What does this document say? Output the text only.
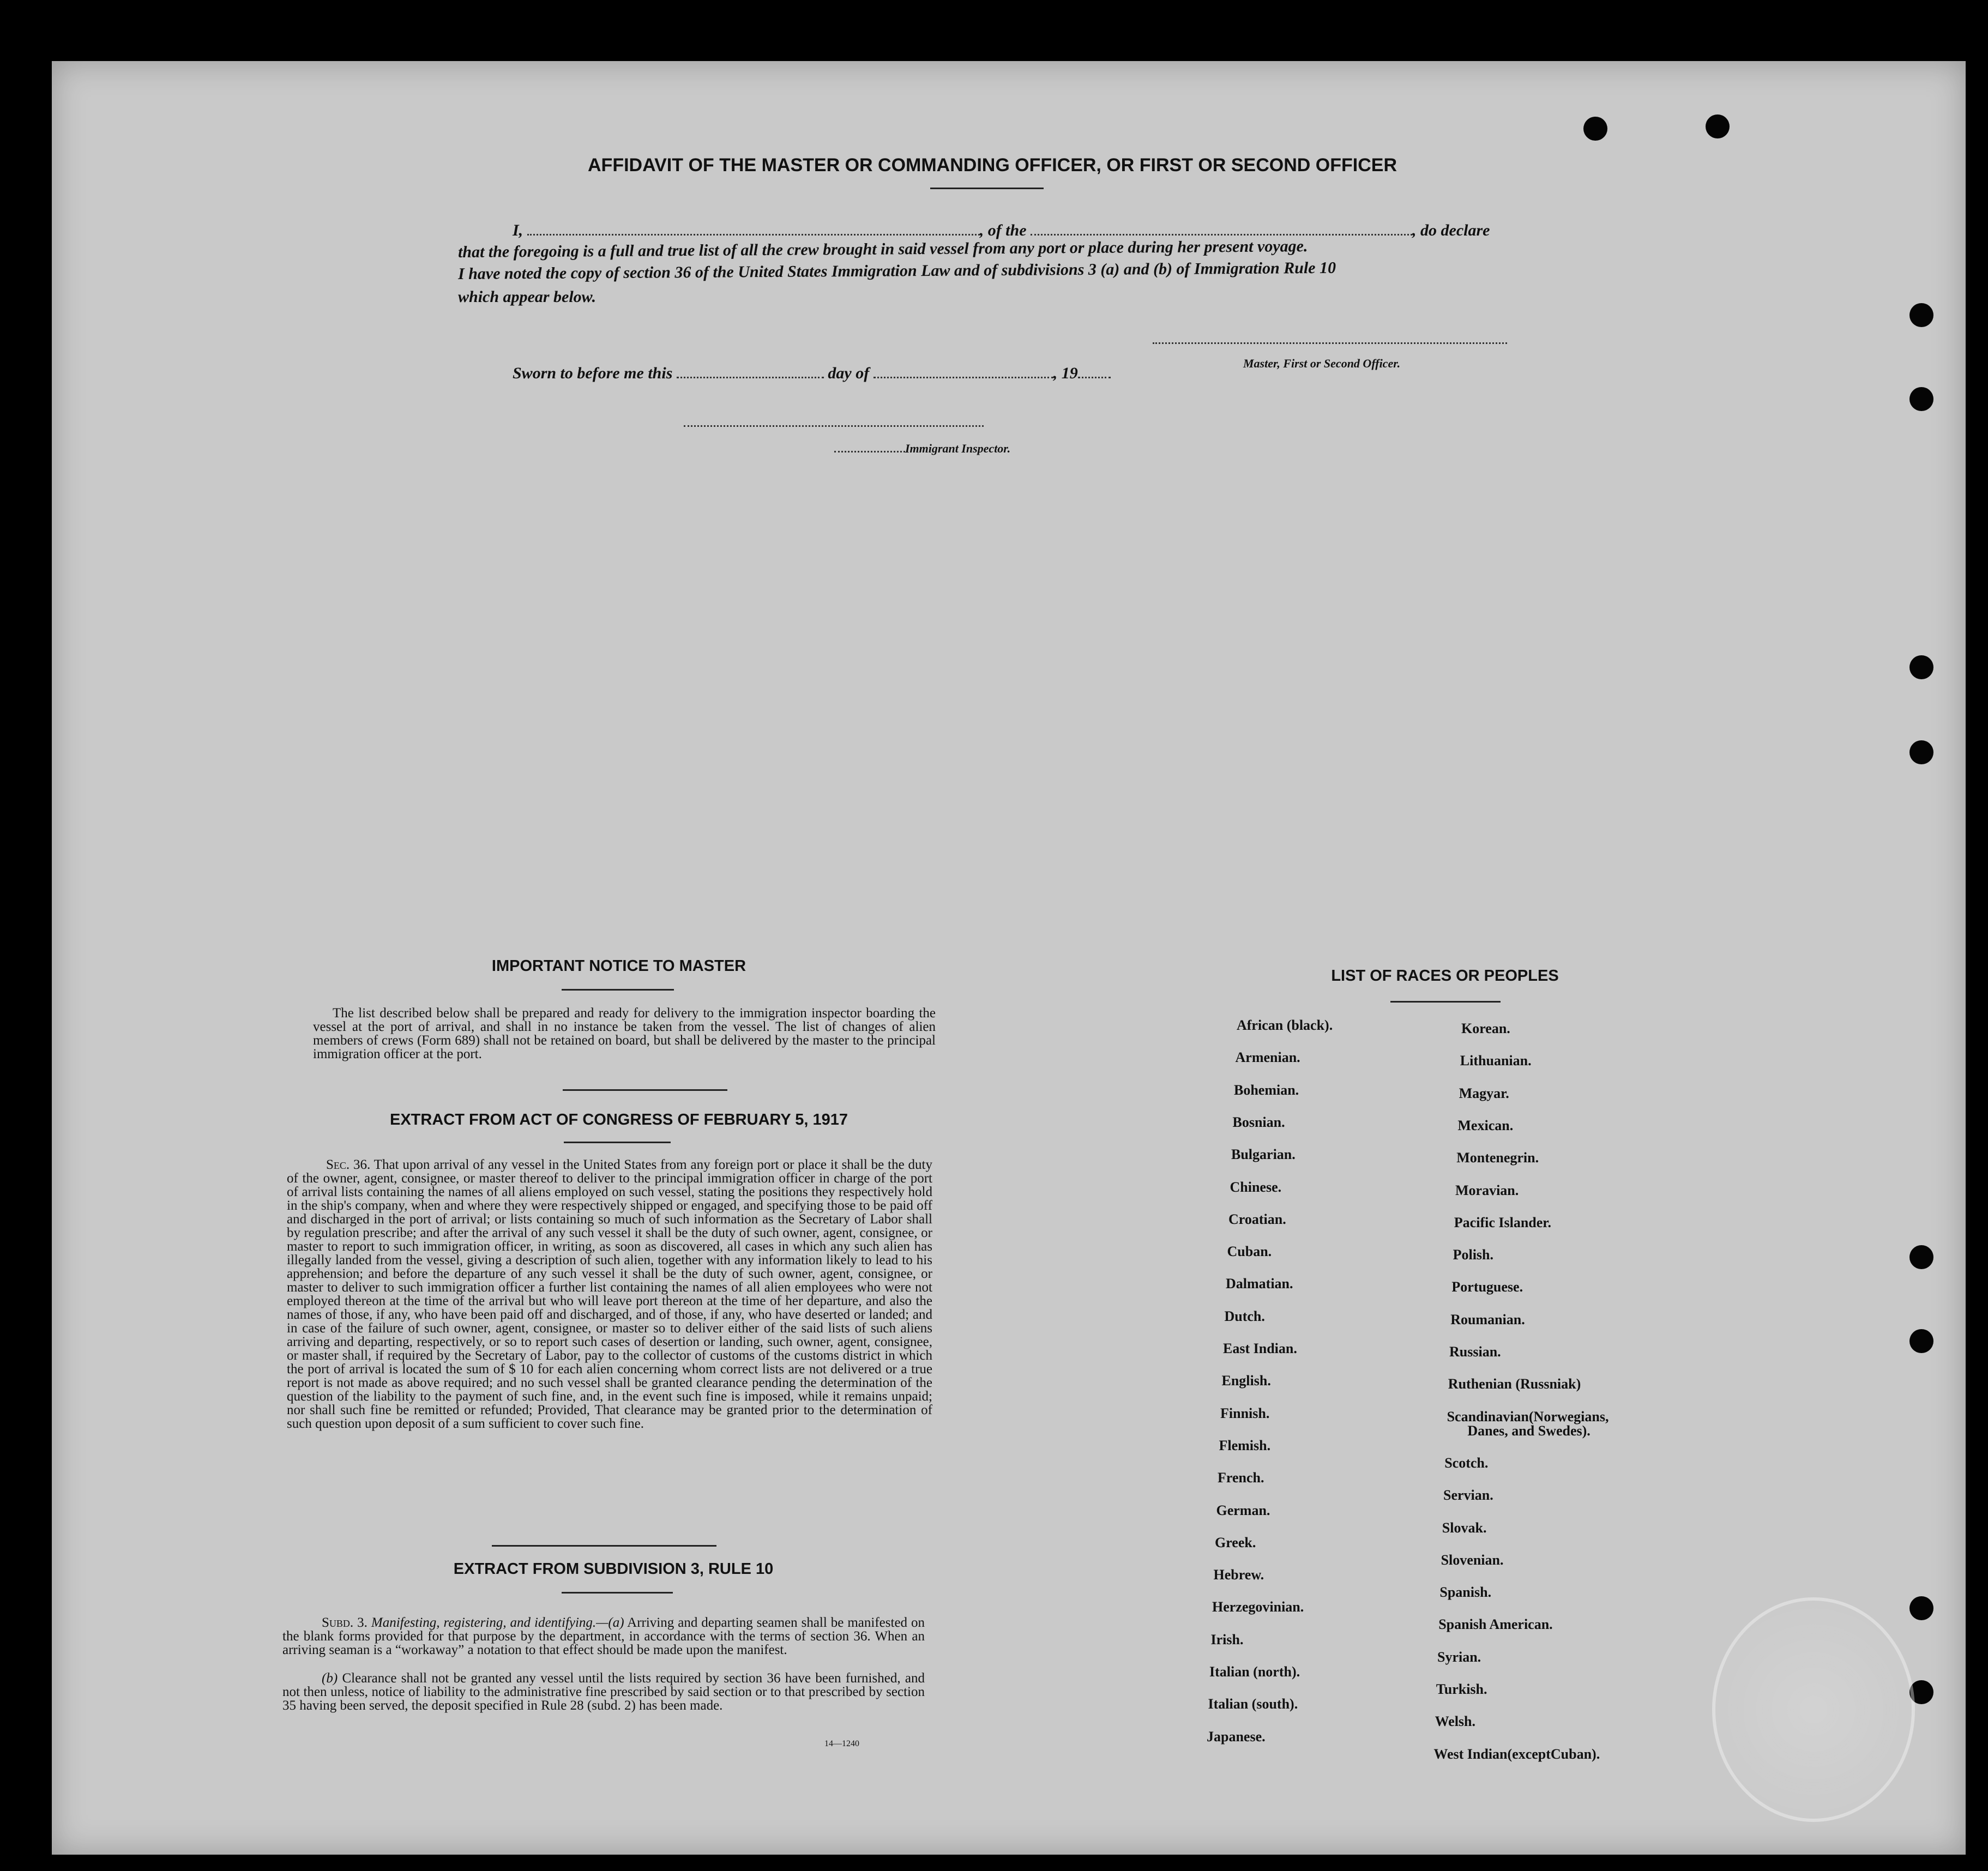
AFFIDAVIT OF THE MASTER OR COMMANDING OFFICER, OR FIRST OR SECOND OFFICER
I,	, of the	, do declare
that the foregoing is a full and true list of all the crew brought in said vessel from any port or place during her present voyage.
I have noted the copy of section 36 of the United States Immigration Law and of subdivisions 3 (a) and (b) of Immigration Rule 10
which appear below.
Master, First or Second Officer.
Sworn to before me this	day of	, 19
Immigrant Inspector.
IMPORTANT NOTICE TO MASTER
The list described below shall be prepared and ready for delivery to the immigration inspector boarding the vessel at the port of arrival, and shall in no instance be taken from the vessel. The list of changes of alien members of crews (Form 689) shall not be retained on board, but shall be delivered by the master to the principal immigration officer at the port.
EXTRACT FROM ACT OF CONGRESS OF FEBRUARY 5, 1917
Sec. 36. That upon arrival of any vessel in the United States from any foreign port or place it shall be the duty of the owner, agent, consignee, or master thereof to deliver to the principal immigration officer in charge of the port of arrival lists containing the names of all aliens employed on such vessel, stating the positions they respectively hold in the ship's company, when and where they were respectively shipped or engaged, and specifying those to be paid off and discharged in the port of arrival; or lists containing so much of such information as the Secretary of Labor shall by regulation prescribe; and after the arrival of any such vessel it shall be the duty of such owner, agent, consignee, or master to report to such immigration officer, in writing, as soon as discovered, all cases in which any such alien has illegally landed from the vessel, giving a description of such alien, together with any information likely to lead to his apprehension; and before the departure of any such vessel it shall be the duty of such owner, agent, consignee, or master to deliver to such immigration officer a further list containing the names of all alien employees who were not employed thereon at the time of the arrival but who will leave port thereon at the time of her departure, and also the names of those, if any, who have been paid off and discharged, and of those, if any, who have deserted or landed; and in case of the failure of such owner, agent, consignee, or master so to deliver either of the said lists of such aliens arriving and departing, respectively, or so to report such cases of desertion or landing, such owner, agent, consignee, or master shall, if required by the Secretary of Labor, pay to the collector of customs of the customs district in which the port of arrival is located the sum of $ 10 for each alien concerning whom correct lists are not delivered or a true report is not made as above required; and no such vessel shall be granted clearance pending the determination of the question of the liability to the payment of such fine, and, in the event such fine is imposed, while it remains unpaid; nor shall such fine be remitted or refunded; Provided, That clearance may be granted prior to the determination of such question upon deposit of a sum sufficient to cover such fine.
EXTRACT FROM SUBDIVISION 3, RULE 10
Subd. 3. Manifesting, registering, and identifying.—(a) Arriving and departing seamen shall be manifested on the blank forms provided for that purpose by the department, in accordance with the terms of section 36. When an arriving seaman is a “workaway” a notation to that effect should be made upon the manifest.
(b) Clearance shall not be granted any vessel until the lists required by section 36 have been furnished, and not then unless, notice of liability to the administrative fine prescribed by said section or to that prescribed by section 35 having been served, the deposit specified in Rule 28 (subd. 2) has been made.
14—1240
LIST OF RACES OR PEOPLES
African (black).
Armenian.
Bohemian.
Bosnian.
Bulgarian.
Chinese.
Croatian.
Cuban.
Dalmatian.
Dutch.
East Indian.
English.
Finnish.
Flemish.
French.
German.
Greek.
Hebrew.
Herzegovinian.
Irish.
Italian (north).
Italian (south).
Japanese.
Korean.
Lithuanian.
Magyar.
Mexican.
Montenegrin.
Moravian.
Pacific Islander.
Polish.
Portuguese.
Roumanian.
Russian.
Ruthenian (Russniak)
Scandinavian(Norwegians,
Danes, and Swedes).
Scotch.
Servian.
Slovak.
Slovenian.
Spanish.
Spanish American.
Syrian.
Turkish.
Welsh.
West Indian(exceptCuban).
